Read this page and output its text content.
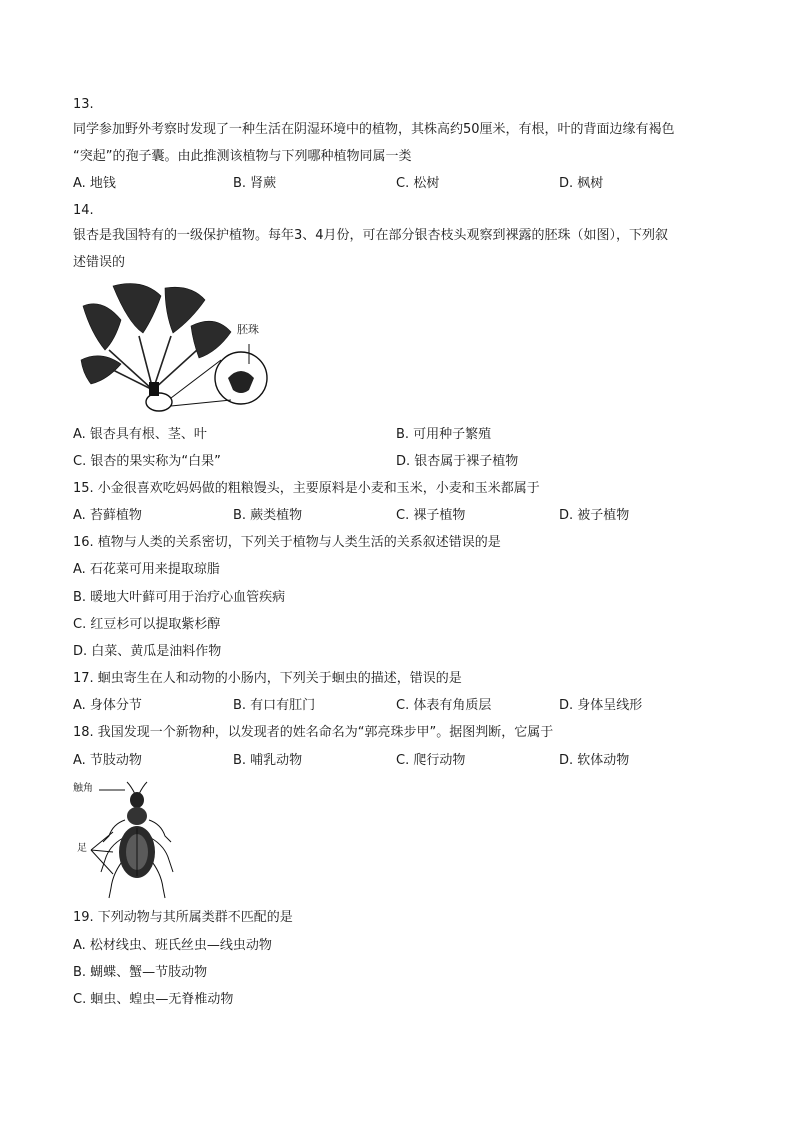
13.
同学参加野外考察时发现了一种生活在阴湿环境中的植物，其株高约50厘米，有根，叶的背面边缘有褐色
“突起”的孢子囊。由此推测该植物与下列哪种植物同属一类
A. 地钱	B. 肾蕨	C. 松树	D. 枫树
14.
银杏是我国特有的一级保护植物。每年3、4月份，可在部分银杏枝头观察到裸露的胚珠（如图），下列叙
述错误的
胚珠
A. 银杏具有根、茎、叶	B. 可用种子繁殖
C. 银杏的果实称为“白果”	D. 银杏属于裸子植物
15. 小金很喜欢吃妈妈做的粗粮馒头，主要原料是小麦和玉米，小麦和玉米都属于
A. 苔藓植物	B. 蕨类植物	C. 裸子植物	D. 被子植物
16. 植物与人类的关系密切，下列关于植物与人类生活的关系叙述错误的是
A. 石花菜可用来提取琼脂
B. 暖地大叶藓可用于治疗心血管疾病
C. 红豆杉可以提取紫杉醇
D. 白菜、黄瓜是油料作物
17. 蛔虫寄生在人和动物的小肠内，下列关于蛔虫的描述，错误的是
A. 身体分节	B. 有口有肛门	C. 体表有角质层	D. 身体呈线形
18. 我国发现一个新物种，以发现者的姓名命名为“郭亮珠步甲”。据图判断，它属于
A. 节肢动物	B. 哺乳动物	C. 爬行动物	D. 软体动物
触角
足
19. 下列动物与其所属类群不匹配的是
A. 松材线虫、班氏丝虫—线虫动物
B. 蝴蝶、蟹—节肢动物
C. 蛔虫、蝗虫—无脊椎动物
